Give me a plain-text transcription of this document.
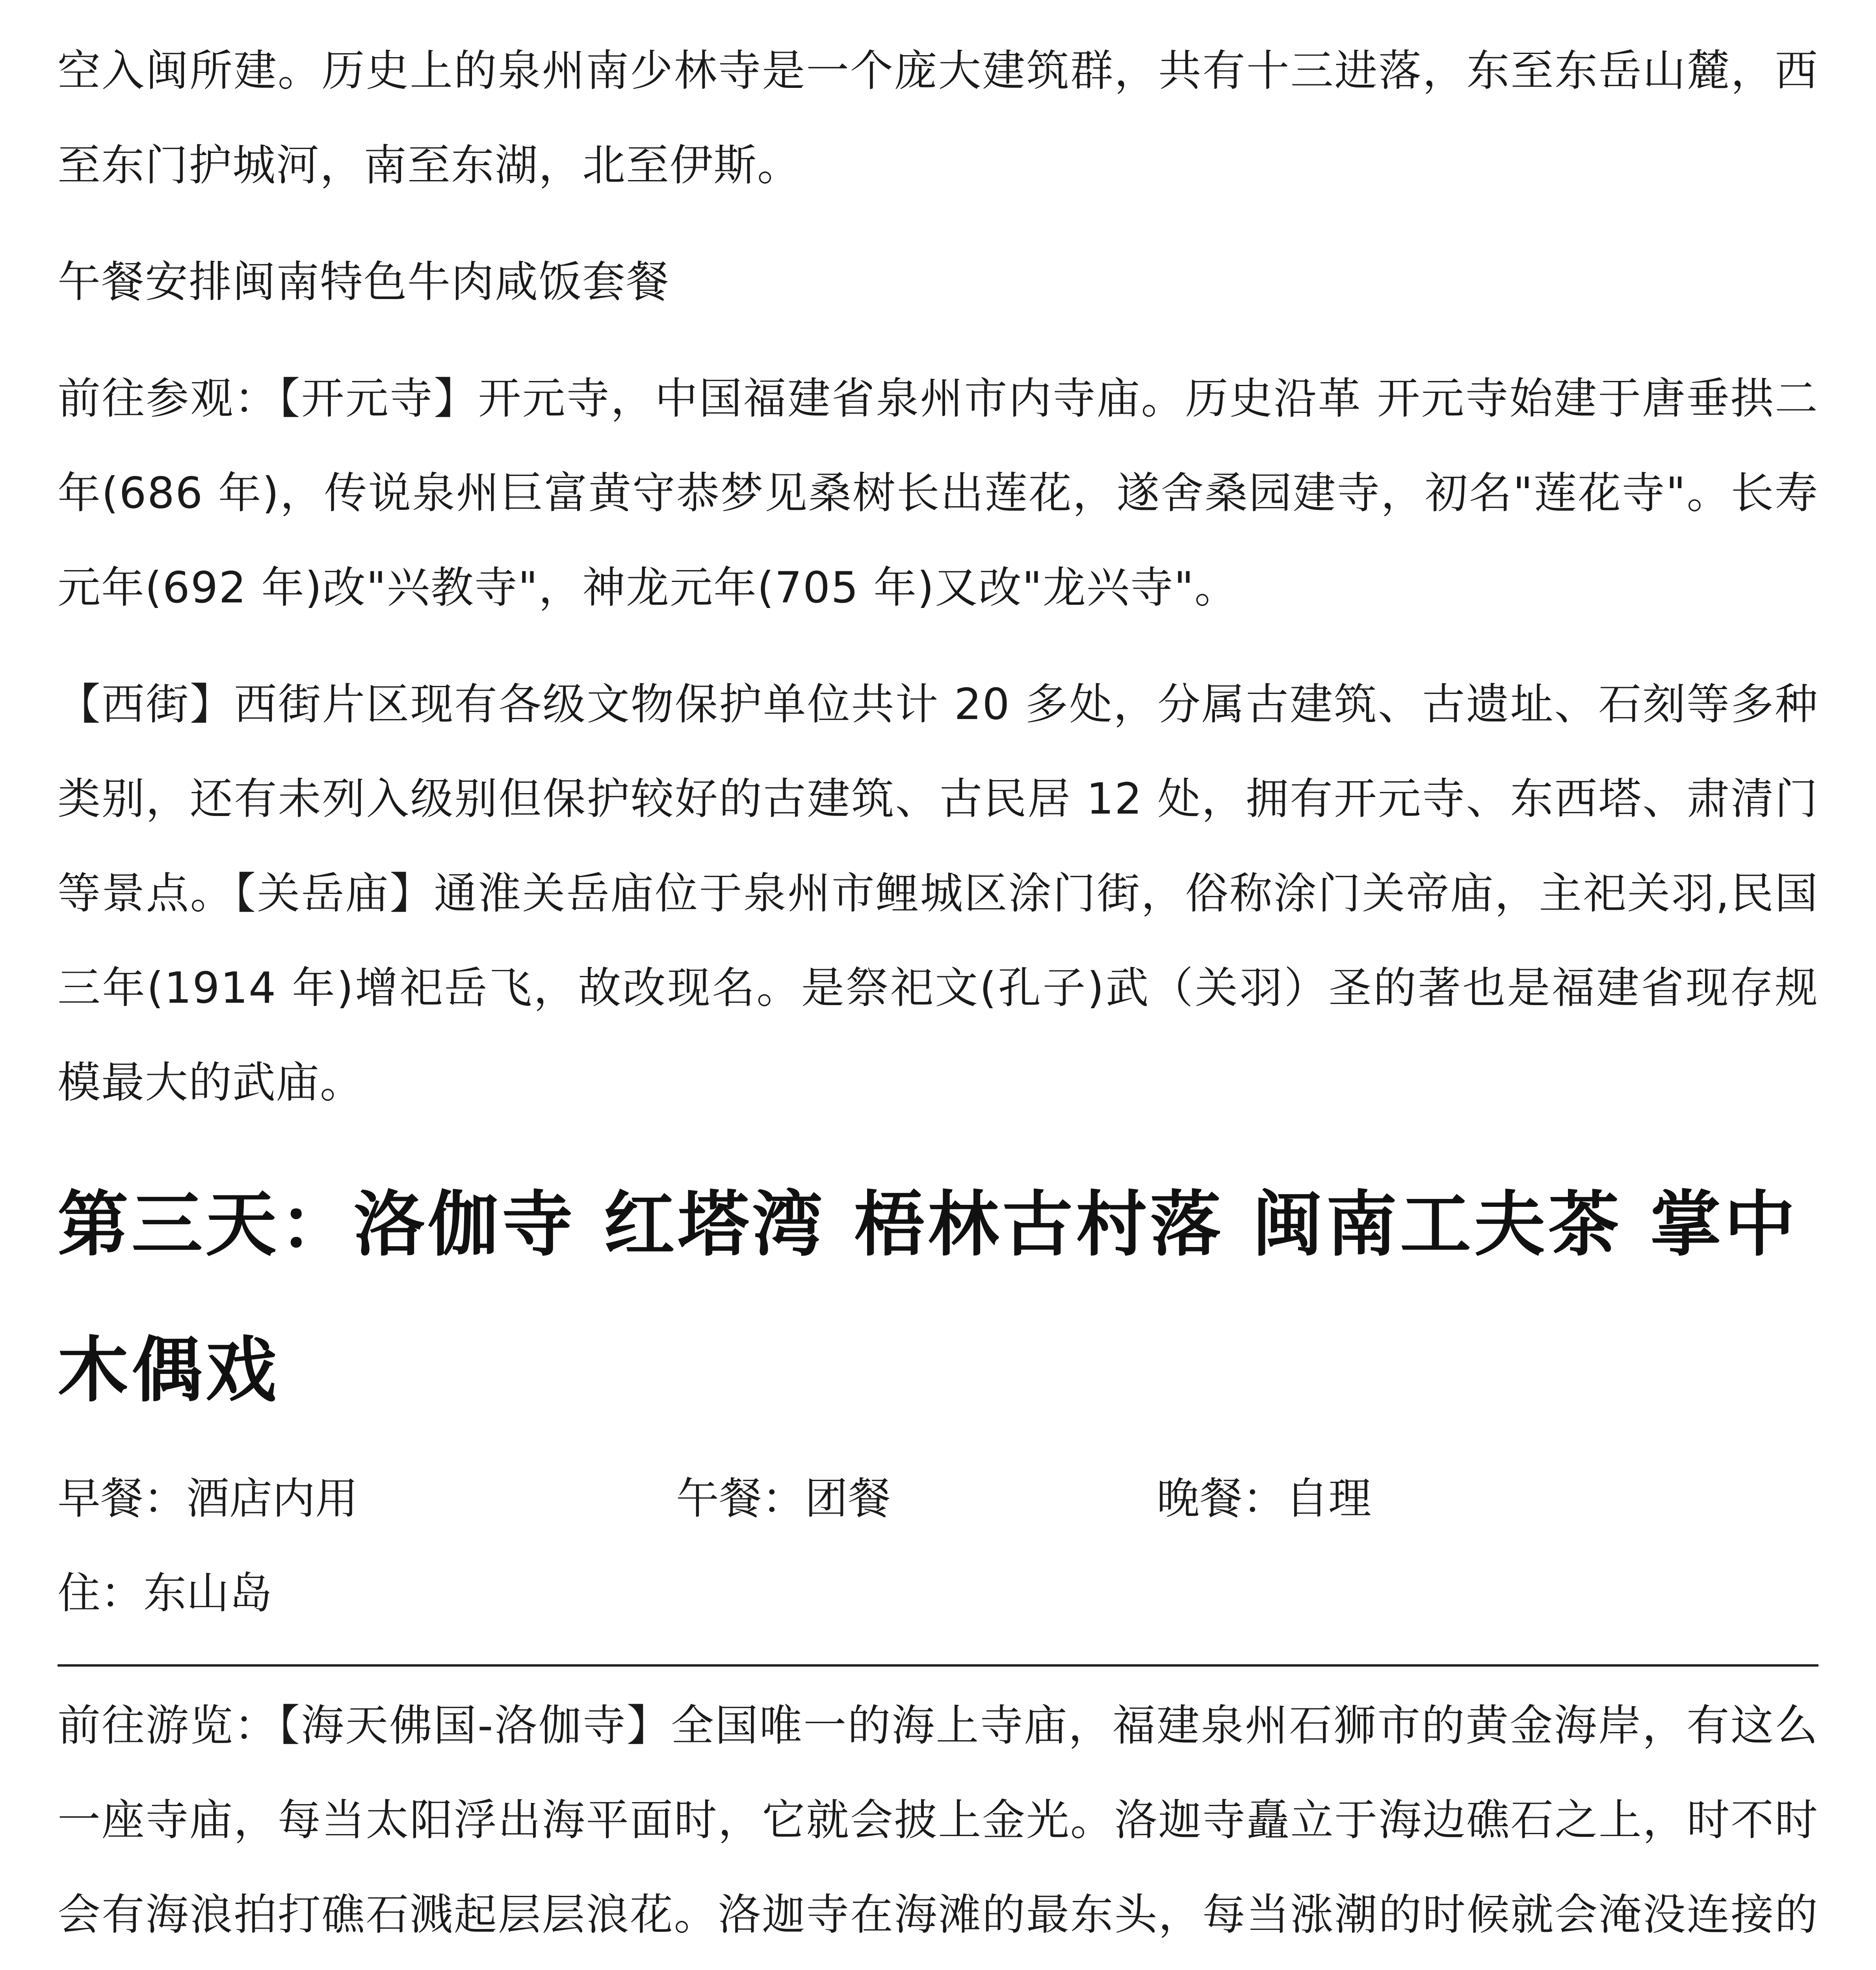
空入闽所建。历史上的泉州南少林寺是一个庞大建筑群，共有十三进落，东至东岳山麓，西至东门护城河，南至东湖，北至伊斯。

午餐安排闽南特色牛肉咸饭套餐

前往参观：【开元寺】开元寺，中国福建省泉州市内寺庙。历史沿革 开元寺始建于唐垂拱二年(686 年)，传说泉州巨富黄守恭梦见桑树长出莲花，遂舍桑园建寺，初名"莲花寺"。长寿元年(692 年)改"兴教寺"，神龙元年(705 年)又改"龙兴寺"。

【西街】西街片区现有各级文物保护单位共计 20 多处，分属古建筑、古遗址、石刻等多种类别，还有未列入级别但保护较好的古建筑、古民居 12 处，拥有开元寺、东西塔、肃清门等景点。【关岳庙】通淮关岳庙位于泉州市鲤城区涂门街，俗称涂门关帝庙，主祀关羽,民国三年(1914 年)增祀岳飞，故改现名。是祭祀文(孔子)武（关羽）圣的著也是福建省现存规模最大的武庙。

第三天：洛伽寺 红塔湾 梧林古村落 闽南工夫茶 掌中木偶戏
早餐：酒店内用	午餐：团餐	晚餐：自理

住：东山岛

前往游览：【海天佛国-洛伽寺】全国唯一的海上寺庙，福建泉州石狮市的黄金海岸，有这么一座寺庙，每当太阳浮出海平面时，它就会披上金光。洛迦寺矗立于海边礁石之上，时不时会有海浪拍打礁石溅起层层浪花。洛迦寺在海滩的最东头，每当涨潮的时候就会淹没连接的
